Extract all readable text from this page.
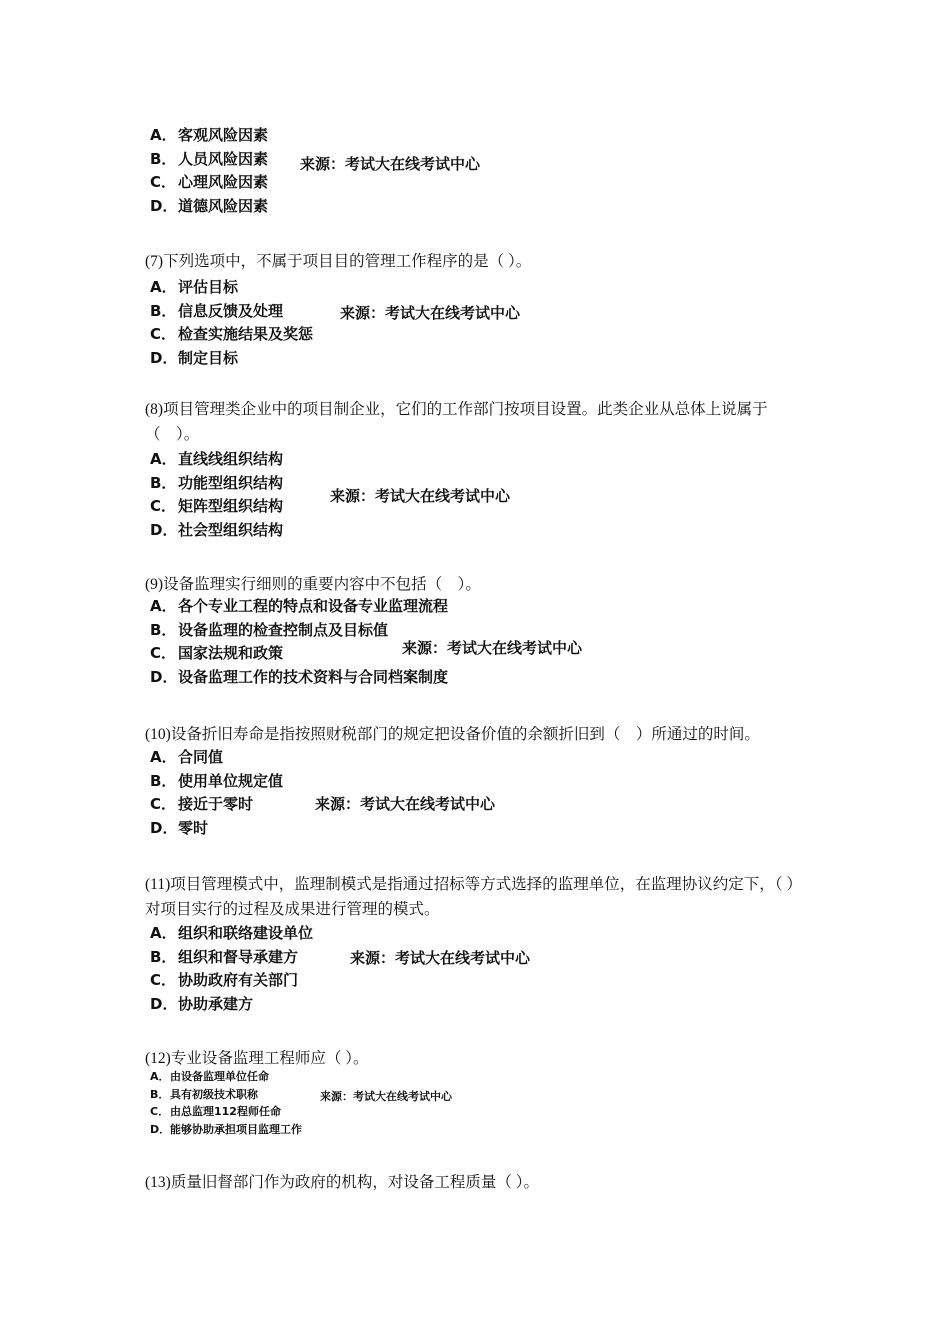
A．客观风险因素
B． 人员风险因素
C． 心理风险因素
D．道德风险因素
来源：考试大在线考试中心
(7)下列选项中，不属于项目目的管理工作程序的是（ ）。
A．评估目标
B． 信息反馈及处理
C． 检查实施结果及奖惩
D．制定目标
来源：考试大在线考试中心
(8)项目管理类企业中的项目制企业，它们的工作部门按项目设置。此类企业从总体上说属于（　）。
A．直线线组织结构
B． 功能型组织结构
C． 矩阵型组织结构
D．社会型组织结构
来源：考试大在线考试中心
(9)设备监理实行细则的重要内容中不包括（　）。
A．各个专业工程的特点和设备专业监理流程
B． 设备监理的检查控制点及目标值
C． 国家法规和政策
D．设备监理工作的技术资料与合同档案制度
来源：考试大在线考试中心
(10)设备折旧寿命是指按照财税部门的规定把设备价值的余额折旧到（　）所通过的时间。
A．合同值
B． 使用单位规定值
C． 接近于零时
D．零时
来源：考试大在线考试中心
(11)项目管理模式中，监理制模式是指通过招标等方式选择的监理单位，在监理协议约定下，（ ）对项目实行的过程及成果进行管理的模式。
A．组织和联络建设单位
B． 组织和督导承建方
C． 协助政府有关部门
D．协助承建方
来源：考试大在线考试中心
(12)专业设备监理工程师应（ ）。
A．由设备监理单位任命
B．具有初级技术职称
C．由总监理112程师任命
D．能够协助承担项目监理工作
来源：考试大在线考试中心
(13)质量旧督部门作为政府的机构，对设备工程质量（ ）。
